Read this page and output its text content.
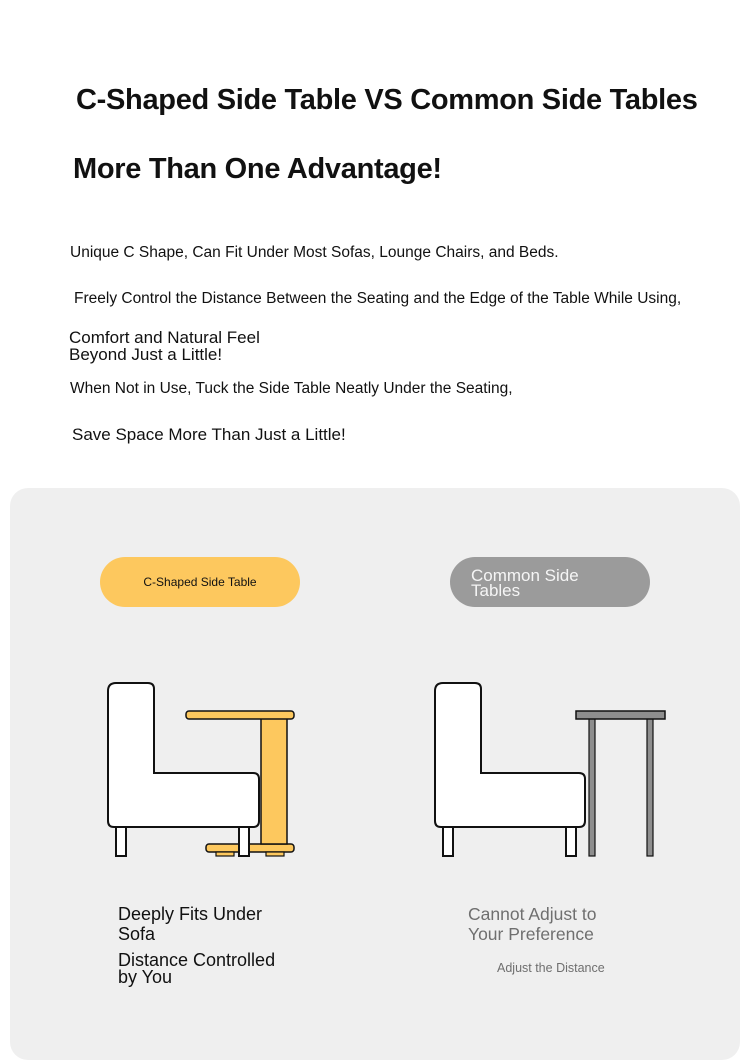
C-Shaped Side Table VS Common Side Tables
More Than One Advantage!
Unique C Shape, Can Fit Under Most Sofas, Lounge Chairs, and Beds.
Freely Control the Distance Between the Seating and the Edge of the Table While Using,
Comfort and Natural Feel
Beyond Just a Little!
When Not in Use, Tuck the Side Table Neatly Under the Seating,
Save Space More Than Just a Little!
C-Shaped Side Table	Common Side
Tables
Deeply Fits Under
Sofa
Distance Controlled
by You
Cannot Adjust to
Your Preference
Adjust the Distance
